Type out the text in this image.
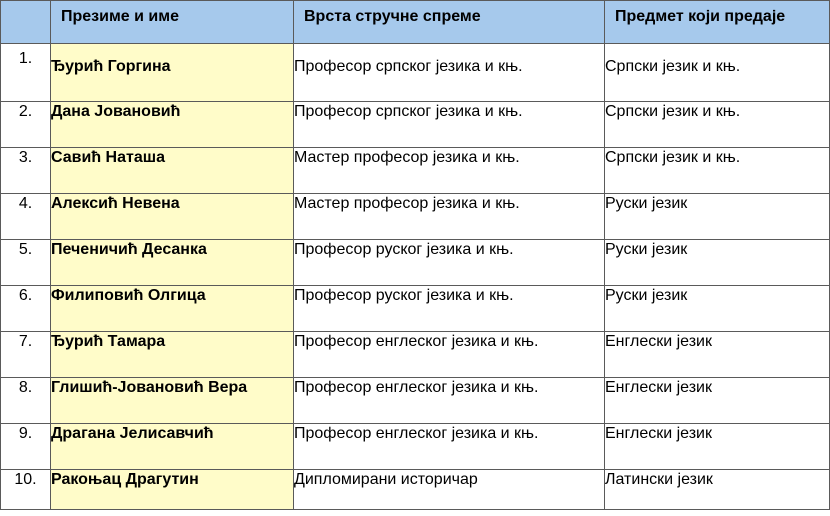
	Презиме и име	Врста стручне спреме	Предмет који предаје
1.	Ђурић Горгина	Професор српског језика и књ.	Српски језик и књ.
2.	Дана Јовановић	Професор српског језика и књ.	Српски језик и књ.
3.	Савић Наташа	Мастер професор језика и књ.	Српски језик и књ.
4.	Алексић Невена	Мастер професор језика и књ.	Руски језик
5.	Печеничић Десанка	Професор руског језика и књ.	Руски језик
6.	Филиповић Олгица	Професор руског језика и књ.	Руски језик
7.	Ђурић Тамара	Професор енглеског језика и књ.	Енглески језик
8.	Глишић-Јовановић Вера	Професор енглеског језика и књ.	Енглески језик
9.	Драгана Јелисавчић	Професор енглеског језика и књ.	Енглески језик
10.	Ракоњац Драгутин	Дипломирани историчар	Латински језик
